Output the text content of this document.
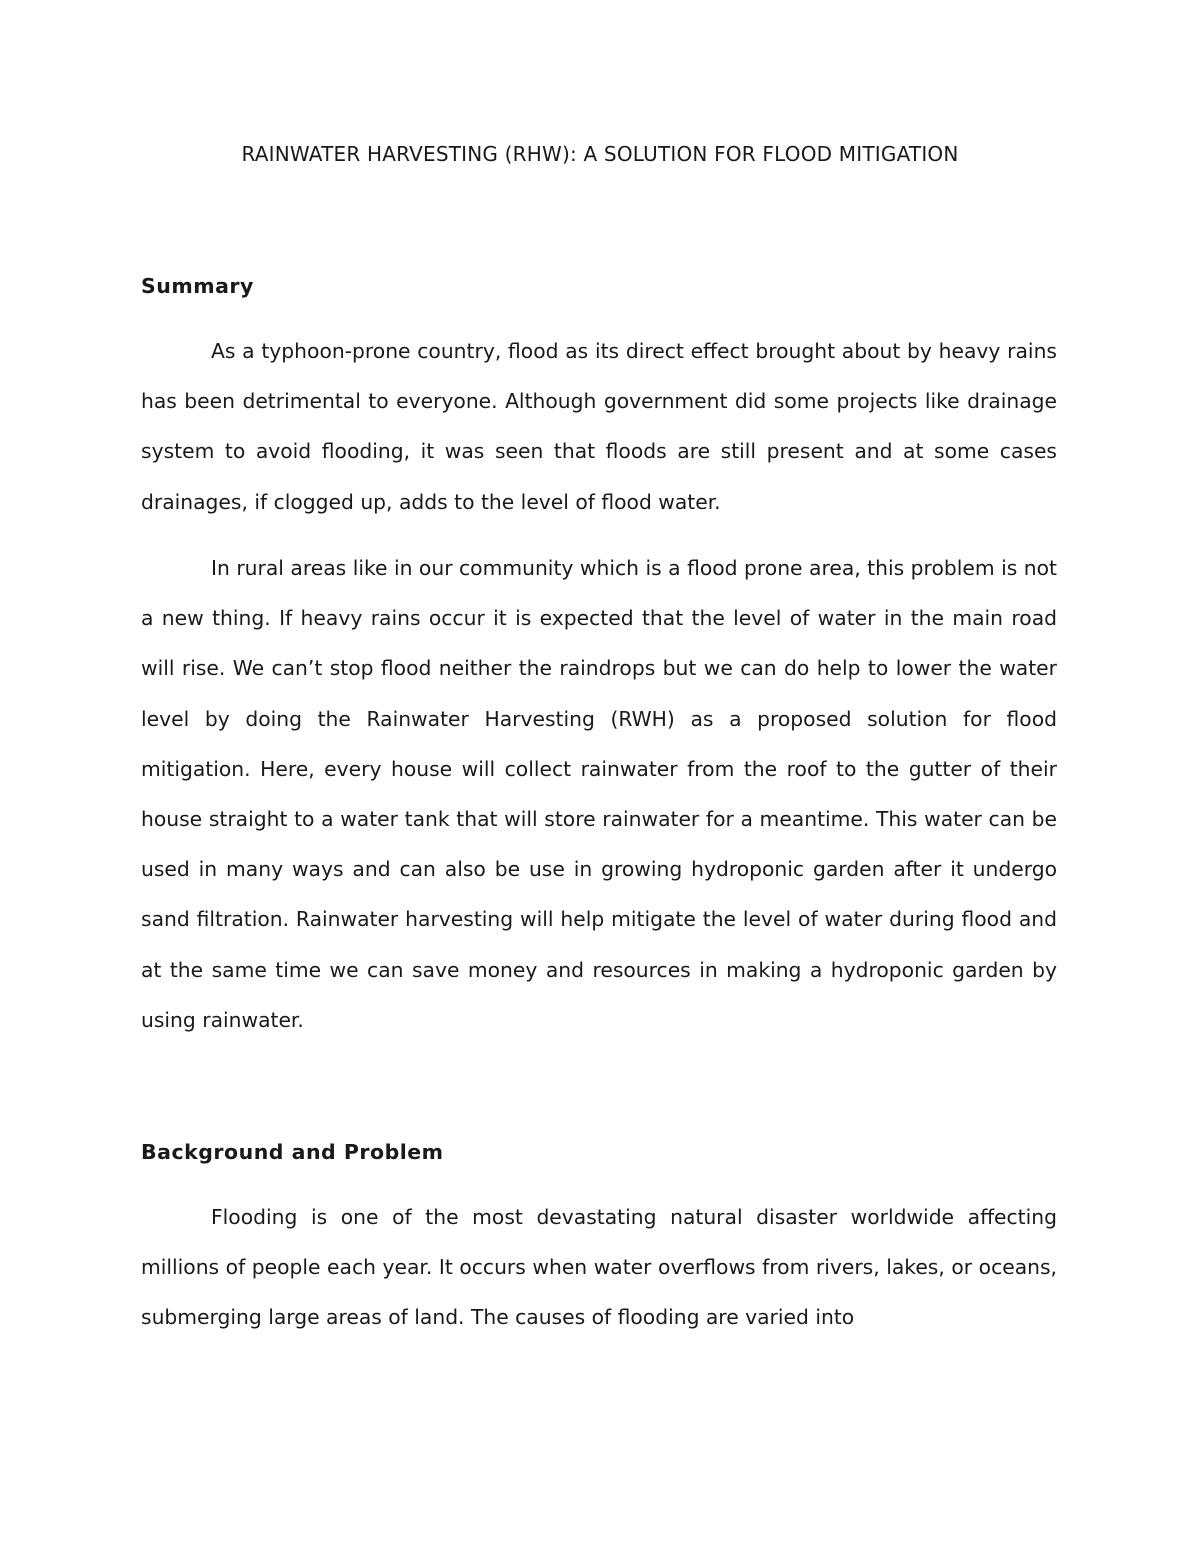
RAINWATER HARVESTING (RHW): A SOLUTION FOR FLOOD MITIGATION
Summary

As a typhoon-prone country, flood as its direct effect brought about by heavy rains has been detrimental to everyone. Although government did some projects like drainage system to avoid flooding, it was seen that floods are still present and at some cases drainages, if clogged up, adds to the level of flood water.

In rural areas like in our community which is a flood prone area, this problem is not a new thing. If heavy rains occur it is expected that the level of water in the main road will rise. We can’t stop flood neither the raindrops but we can do help to lower the water level by doing the Rainwater Harvesting (RWH) as a proposed solution for flood mitigation. Here, every house will collect rainwater from the roof to the gutter of their house straight to a water tank that will store rainwater for a meantime. This water can be used in many ways and can also be use in growing hydroponic garden after it undergo sand filtration. Rainwater harvesting will help mitigate the level of water during flood and at the same time we can save money and resources in making a hydroponic garden by using rainwater.

Background and Problem

Flooding is one of the most devastating natural disaster worldwide affecting millions of people each year. It occurs when water overflows from rivers, lakes, or oceans, submerging large areas of land. The causes of flooding are varied into
